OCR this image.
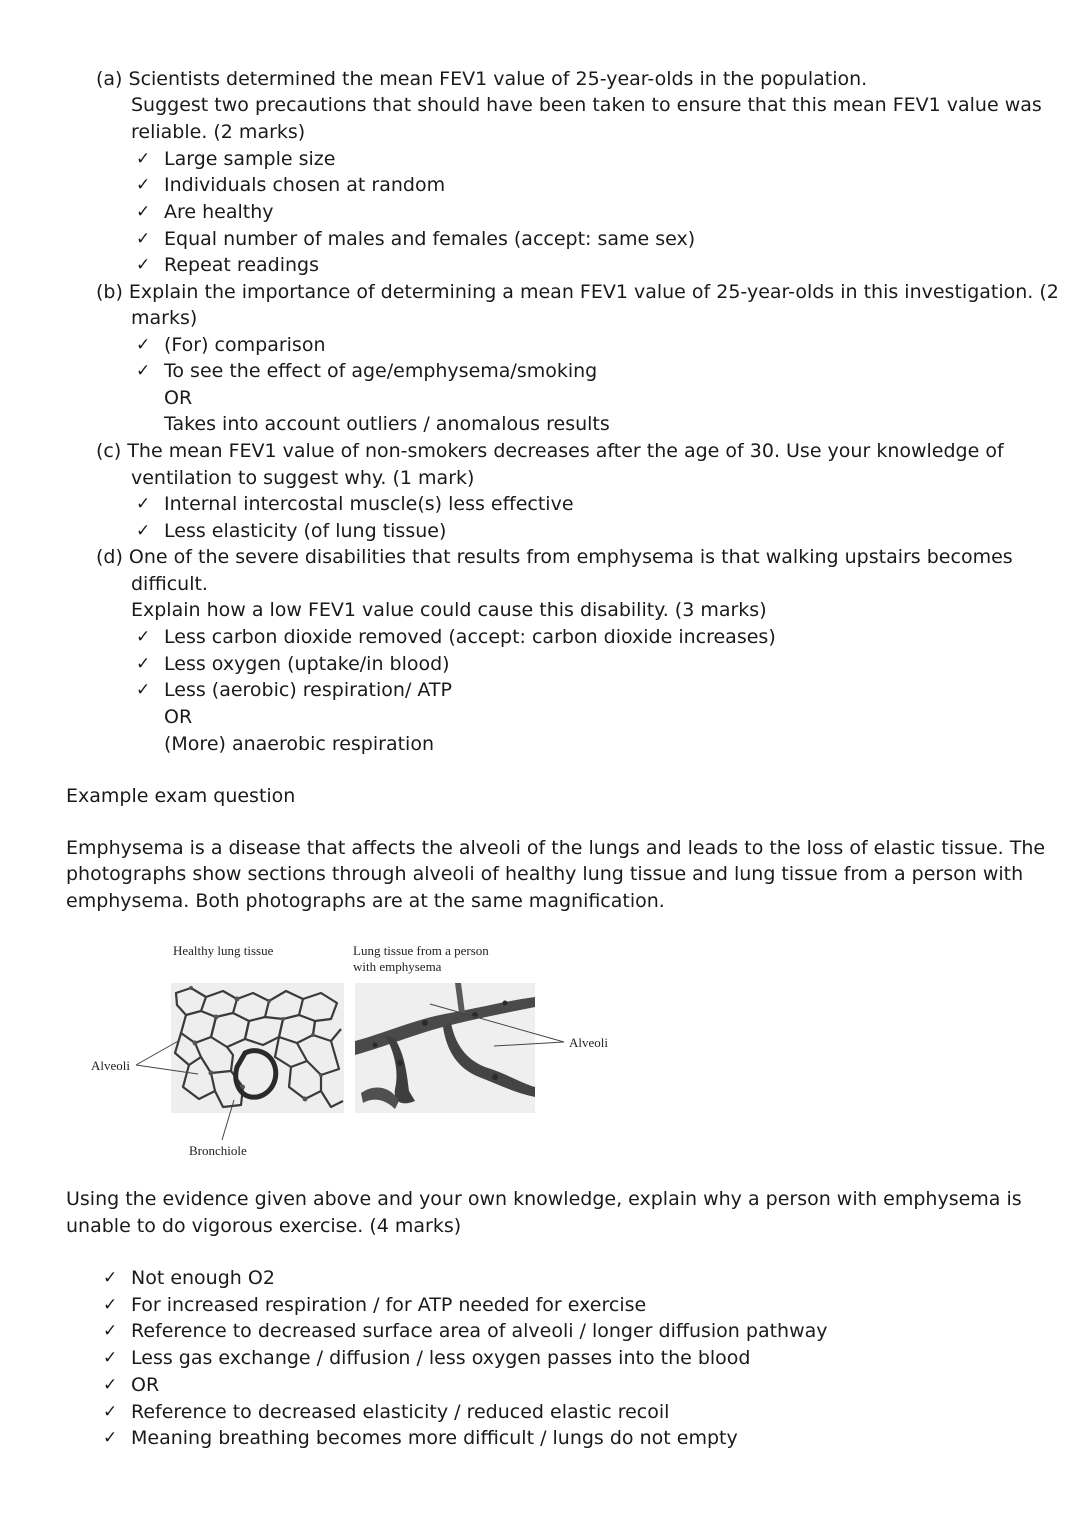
(a) Scientists determined the mean FEV1 value of 25-year-olds in the population.
Suggest two precautions that should have been taken to ensure that this mean FEV1 value was
reliable. (2 marks)
✓ Large sample size
✓ Individuals chosen at random
✓ Are healthy
✓ Equal number of males and females (accept: same sex)
✓ Repeat readings
(b) Explain the importance of determining a mean FEV1 value of 25-year-olds in this investigation. (2
marks)
✓ (For) comparison
✓ To see the effect of age/emphysema/smoking
OR
Takes into account outliers / anomalous results
(c) The mean FEV1 value of non-smokers decreases after the age of 30. Use your knowledge of
ventilation to suggest why. (1 mark)
✓ Internal intercostal muscle(s) less effective
✓ Less elasticity (of lung tissue)
(d) One of the severe disabilities that results from emphysema is that walking upstairs becomes
difficult.
Explain how a low FEV1 value could cause this disability. (3 marks)
✓ Less carbon dioxide removed (accept: carbon dioxide increases)
✓ Less oxygen (uptake/in blood)
✓ Less (aerobic) respiration/ ATP
OR
(More) anaerobic respiration
Example exam question
Emphysema is a disease that affects the alveoli of the lungs and leads to the loss of elastic tissue. The
photographs show sections through alveoli of healthy lung tissue and lung tissue from a person with
emphysema. Both photographs are at the same magnification.
Healthy lung tissue	Lung tissue from a person
with emphysema
Alveoli
Alveoli
Bronchiole
Using the evidence given above and your own knowledge, explain why a person with emphysema is
unable to do vigorous exercise. (4 marks)
✓ Not enough O2
✓ For increased respiration / for ATP needed for exercise
✓ Reference to decreased surface area of alveoli / longer diffusion pathway
✓ Less gas exchange / diffusion / less oxygen passes into the blood
✓ OR
✓ Reference to decreased elasticity / reduced elastic recoil
✓ Meaning breathing becomes more difficult / lungs do not empty
